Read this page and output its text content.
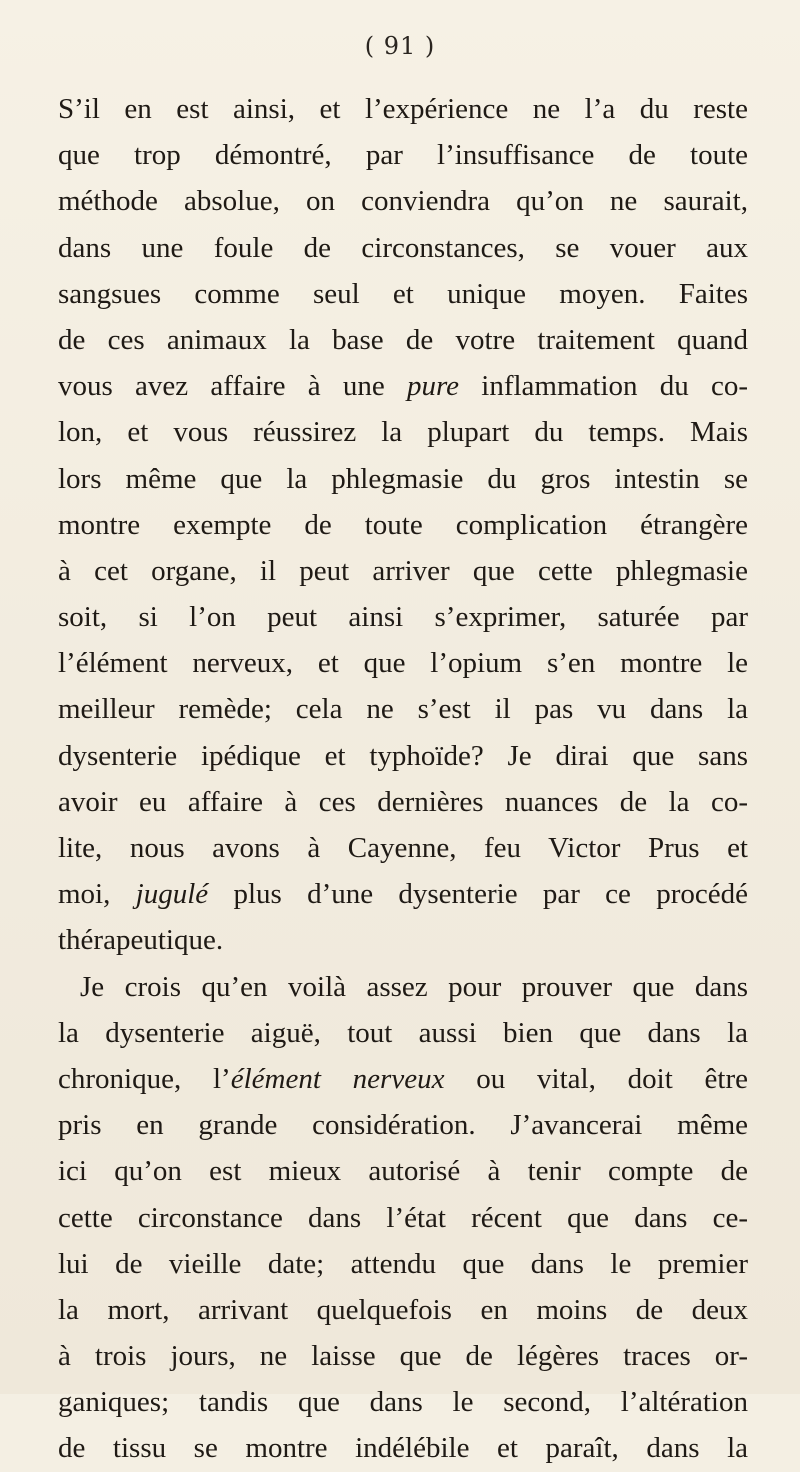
( 91 )
S’il en est ainsi, et l’expérience ne l’a du reste
que trop démontré, par l’insuffisance de toute
méthode absolue, on conviendra qu’on ne saurait,
dans une foule de circonstances, se vouer aux
sangsues comme seul et unique moyen. Faites
de ces animaux la base de votre traitement quand
vous avez affaire à une pure inflammation du co-
lon, et vous réussirez la plupart du temps. Mais
lors même que la phlegmasie du gros intestin se
montre exempte de toute complication étrangère
à cet organe, il peut arriver que cette phlegmasie
soit, si l’on peut ainsi s’exprimer, saturée par
l’élément nerveux, et que l’opium s’en montre le
meilleur remède; cela ne s’est il pas vu dans la
dysenterie ipédique et typhoïde? Je dirai que sans
avoir eu affaire à ces dernières nuances de la co-
lite, nous avons à Cayenne, feu Victor Prus et
moi, jugulé plus d’une dysenterie par ce procédé
thérapeutique.
Je crois qu’en voilà assez pour prouver que dans
la dysenterie aiguë, tout aussi bien que dans la
chronique, l’élément nerveux ou vital, doit être
pris en grande considération. J’avancerai même
ici qu’on est mieux autorisé à tenir compte de
cette circonstance dans l’état récent que dans ce-
lui de vieille date; attendu que dans le premier
la mort, arrivant quelquefois en moins de deux
à trois jours, ne laisse que de légères traces or-
ganiques; tandis que dans le second, l’altération
de tissu se montre indélébile et paraît, dans la
